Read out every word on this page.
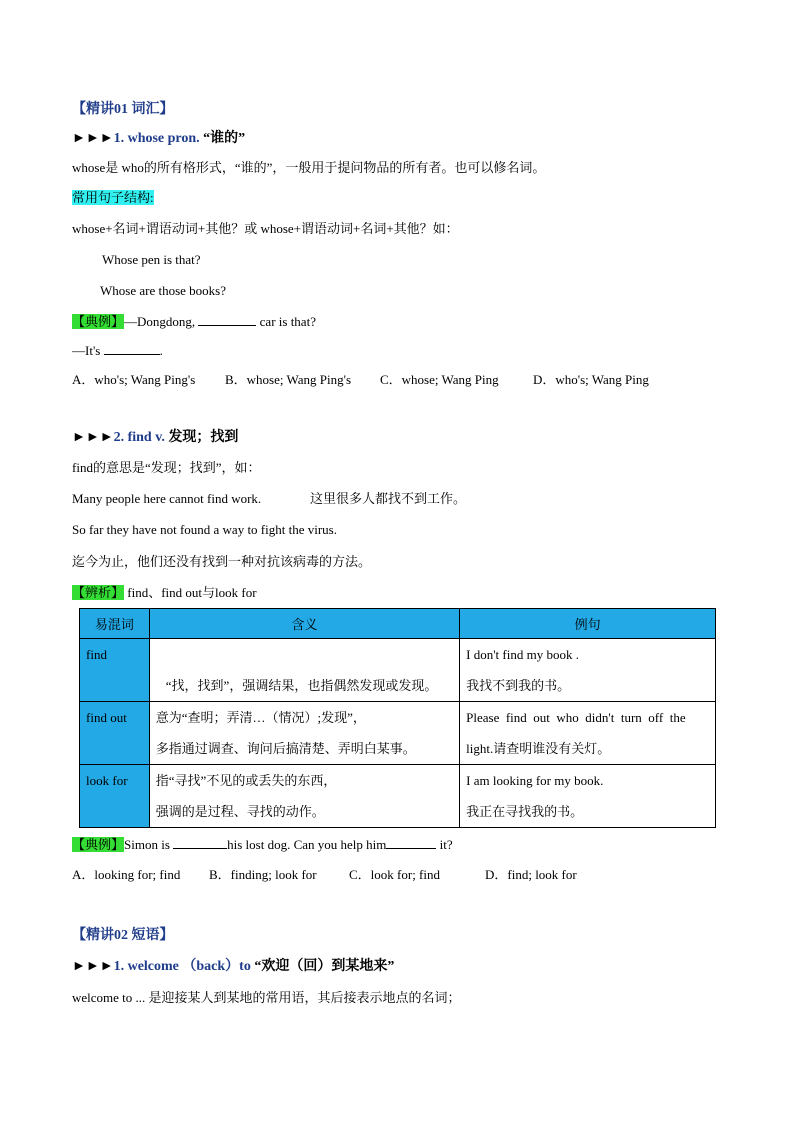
【精讲01 词汇】
►►►1. whose pron. “谁的”
whose是 who的所有格形式，“谁的”，一般用于提问物品的所有者。也可以修名词。
常用句子结构:
whose+名词+谓语动词+其他？或 whose+谓语动词+名词+其他？如：
Whose pen is that?
Whose are those books?
【典例】—Dongdong,	car is that?
—It's	.
A．who's; Wang Ping's B．whose; Wang Ping's C．whose; Wang Ping	D．who's; Wang Ping
►►►2. find v. 发现；找到
find的意思是“发现；找到”，如：
Many people here cannot find work.	这里很多人都找不到工作。
So far they have not found a way to fight the virus.
迄今为止，他们还没有找到一种对抗该病毒的方法。
【辨析】 find、find out与look for
易混词	含义	例句
find	“找，找到”，强调结果，也指偶然发现或发现。	I don't find my book .
我找不到我的书。

find out	意为“查明；弄清…（情况）;发现”，
多指通过调查、询问后搞清楚、弄明白某事。	Please  find  out  who  didn't  turn  off  the
light.请查明谁没有关灯。

look for	指“寻找”不见的或丢失的东西，
强调的是过程、寻找的动作。	I am looking for my book.
我正在寻找我的书。
【典例】Simon is	his lost dog. Can you help him	it?
A．looking for; find B．finding; look for C．look for; find	D．find; look for
【精讲02 短语】
►►►1. welcome （back）to “欢迎（回）到某地来”
welcome to ... 是迎接某人到某地的常用语，其后接表示地点的名词；
